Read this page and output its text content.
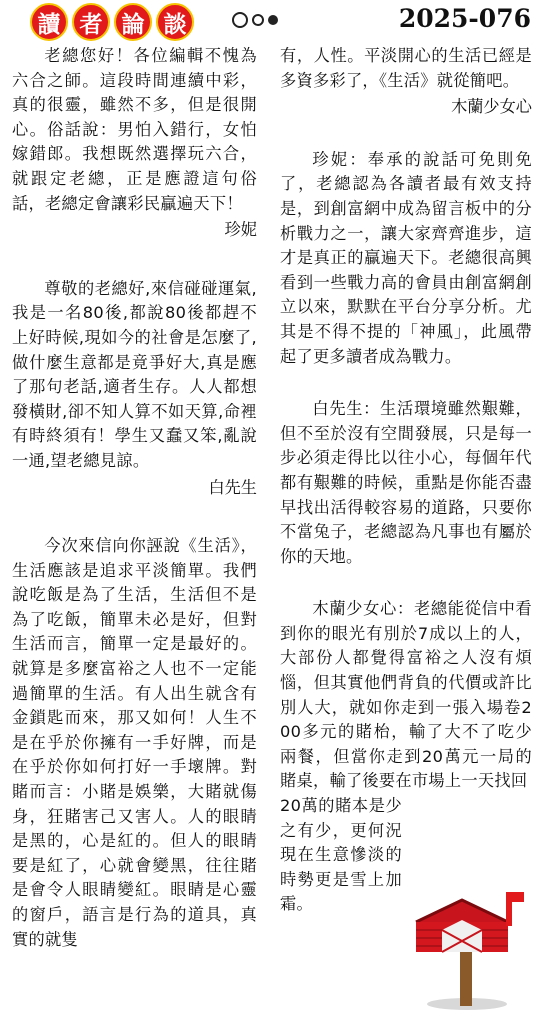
讀 者 論 談	2025-076

老總您好！各位編輯不愧為六合之師。這段時間連續中彩，真的很靈，雖然不多，但是很開心。俗話說：男怕入錯行，女怕嫁錯郎。我想既然選擇玩六合，就跟定老總，正是應證這句俗話，老總定會讓彩民贏遍天下！

珍妮

尊敬的老總好,來信碰碰運氣,我是一名80後,都說80後都趕不上好時候,現如今的社會是怎麼了,做什麼生意都是竟爭好大,真是應了那句老話,適者生存。人人都想發橫財,卻不知人算不如天算,命裡有時終須有！學生又蠢又笨,亂說一通,望老總見諒。

白先生

今次來信向你誣說《生活》，生活應該是追求平淡簡單。我們說吃飯是為了生活，生活但不是為了吃飯，簡單未必是好，但對生活而言，簡單一定是最好的。就算是多麼富裕之人也不一定能過簡單的生活。有人出生就含有金鎖匙而來，那又如何！人生不是在乎於你擁有一手好牌，而是在乎於你如何打好一手壞牌。對賭而言：小賭是娛樂，大賭就傷身，狂賭害己又害人。人的眼睛是黑的，心是紅的。但人的眼睛要是紅了，心就會變黑，往往賭是會令人眼睛變紅。眼睛是心靈的窗戶，語言是行為的道具，真實的就隻

有，人性。平淡開心的生活已經是多資多彩了，《生活》就從簡吧。

木蘭少女心

珍妮：奉承的說話可免則免了，老總認為各讀者最有效支持是，到創富網中成為留言板中的分析戰力之一，讓大家齊齊進步，這才是真正的贏遍天下。老總很高興看到一些戰力高的會員由創富網創立以來，默默在平台分享分析。尤其是不得不提的「神風」，此風帶起了更多讀者成為戰力。

白先生：生活環境雖然艱難，但不至於沒有空間發展，只是每一步必須走得比以往小心，每個年代都有艱難的時候，重點是你能否盡早找出活得較容易的道路，只要你不當兔子，老總認為凡事也有屬於你的天地。

木蘭少女心：老總能從信中看到你的眼光有別於7成以上的人，大部份人都覺得富裕之人沒有煩惱，但其實他們背負的代價或許比別人大，就如你走到一張入場卷200多元的賭枱，輸了大不了吃少兩餐，但當你走到20萬元一局的賭桌，輸了後要在市場上一天找回

20萬的賭本是少之有少，更何況現在生意慘淡的時勢更是雪上加霜。
